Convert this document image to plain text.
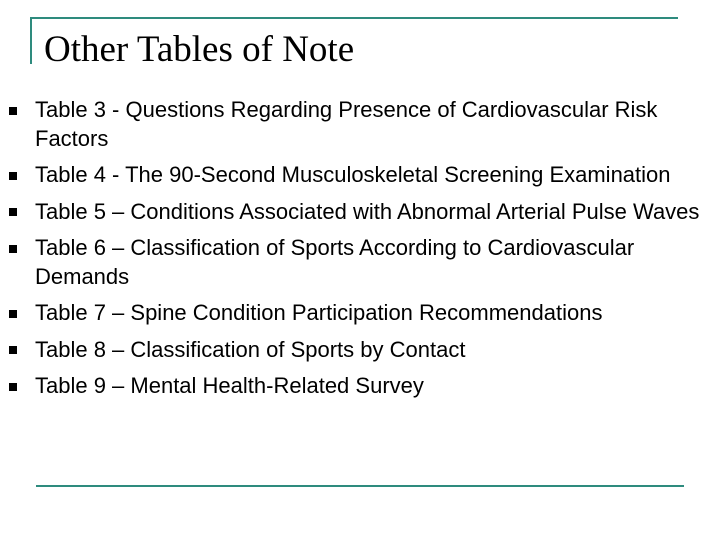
Other Tables of Note
Table 3 - Questions Regarding Presence of Cardiovascular Risk Factors
Table 4 - The 90-Second Musculoskeletal Screening Examination
Table 5 – Conditions Associated with Abnormal Arterial Pulse Waves
Table 6 – Classification of Sports According to Cardiovascular Demands
Table 7 – Spine Condition Participation Recommendations
Table 8 – Classification of Sports by Contact
Table 9 – Mental Health-Related Survey
